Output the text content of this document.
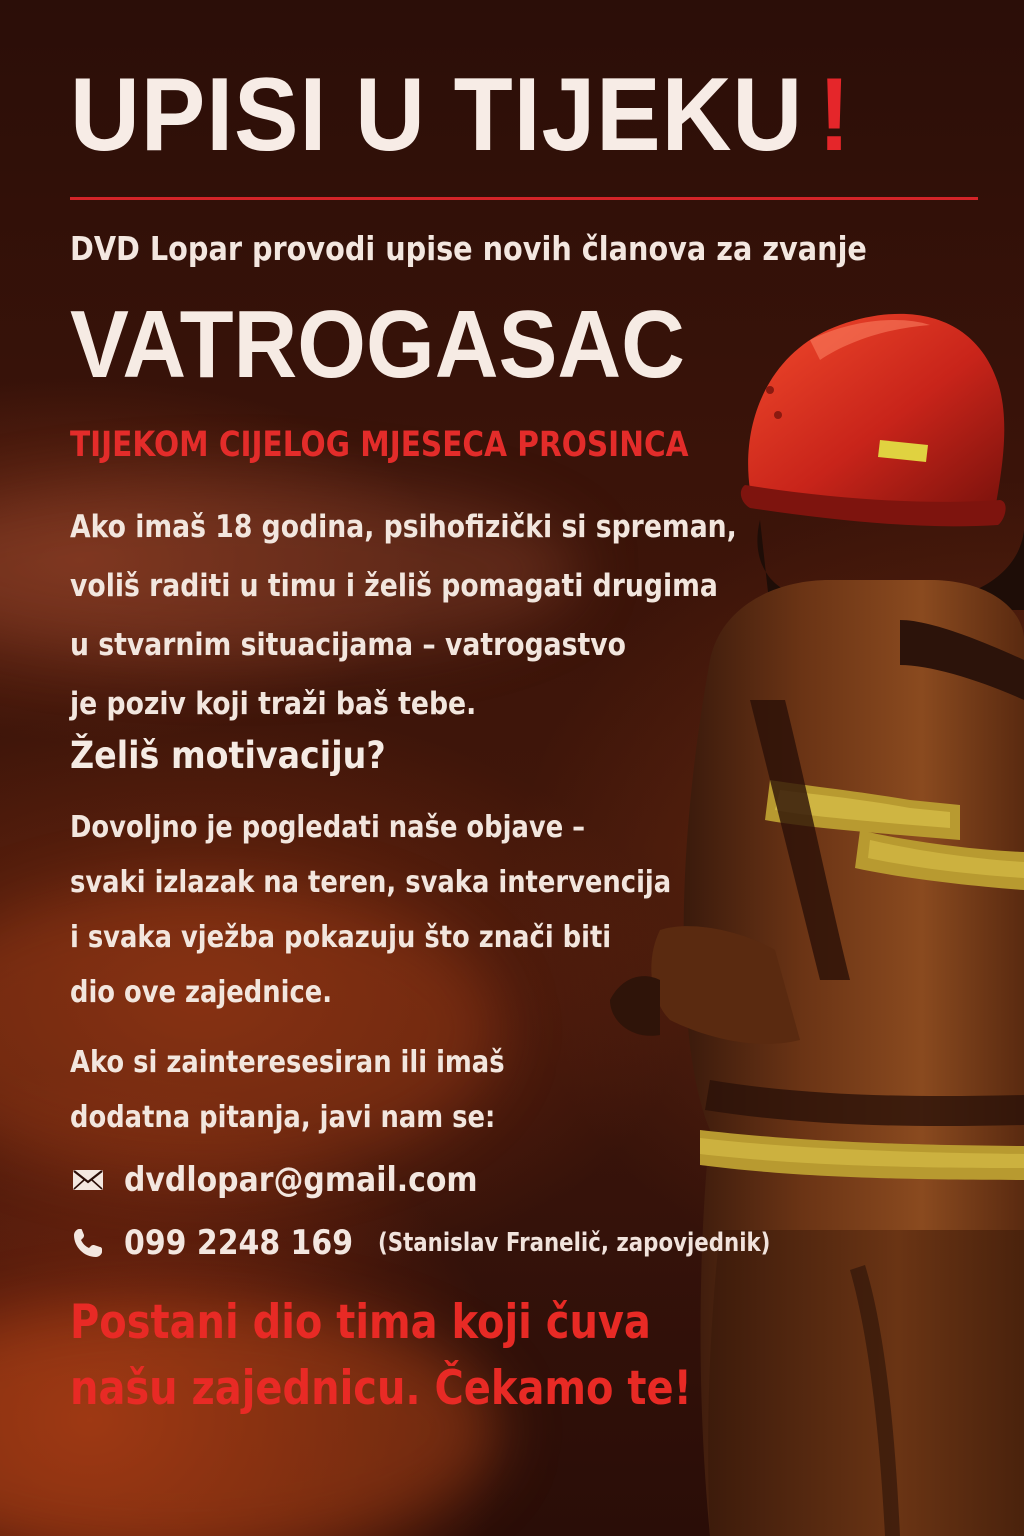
UPISI U TIJEKU !

DVD Lopar provodi upise novih članova za zvanje

VATROGASAC

TIJEKOM CIJELOG MJESECA PROSINCA

Ako imaš 18 godina, psihofizički si spreman,
voliš raditi u timu i želiš pomagati drugima
u stvarnim situacijama – vatrogastvo
je poziv koji traži baš tebe.

Želiš motivaciju?

Dovoljno je pogledati naše objave –
svaki izlazak na teren, svaka intervencija
i svaka vježba pokazuju što znači biti
dio ove zajednice.
Ako si zainteresesiran ili imaš
dodatna pitanja, javi nam se:
dvdlopar@gmail.com
099 2248 169 (Stanislav Franelič, zapovjednik)
Postani dio tima koji čuva
našu zajednicu. Čekamo te!
